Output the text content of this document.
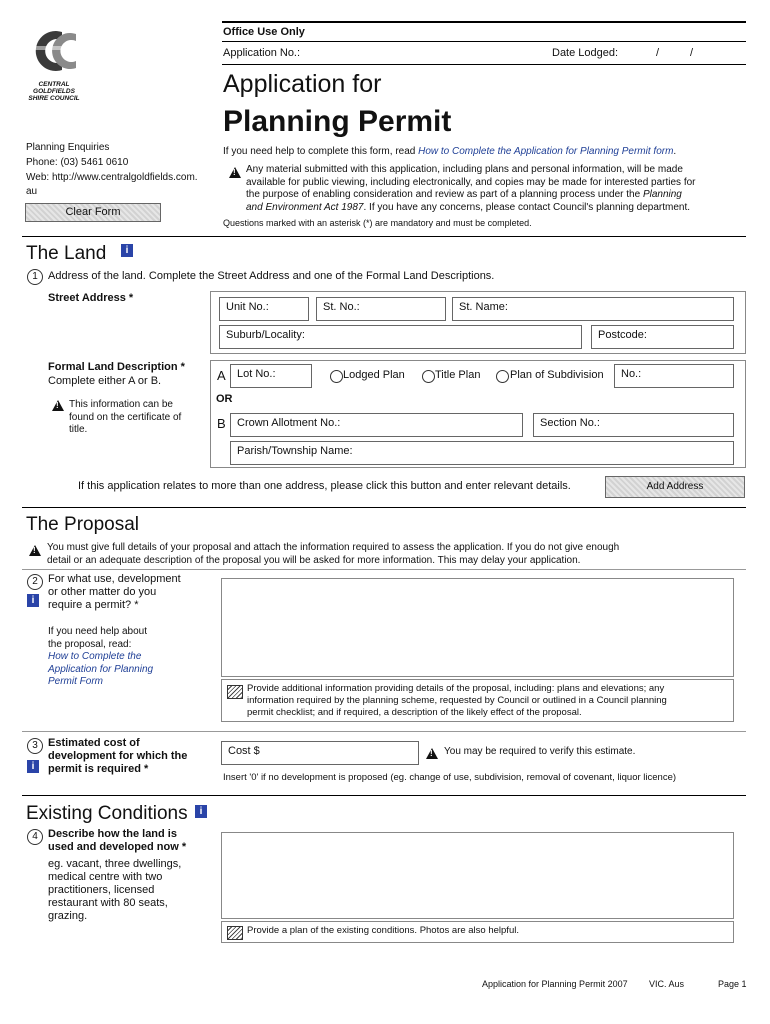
CENTRAL GOLDFIELDS SHIRE COUNCIL
Office Use Only
Application No.:	Date Lodged:	/	/
Application for
Planning Permit
Planning Enquiries
Phone: (03) 5461 0610
Web: http://www.centralgoldfields.com.
au
Clear Form
If you need help to complete this form, read How to Complete the Application for Planning Permit form.
!
Any material submitted with this application, including plans and personal information, will be made
available for public viewing, including electronically, and copies may be made for interested parties for
the purpose of enabling consideration and review as part of a planning process under the Planning
and Environment Act 1987. If you have any concerns, please contact Council's planning department.
Questions marked with an asterisk (*) are mandatory and must be completed.
The Land	i
1 Address of the land. Complete the Street Address and one of the Formal Land Descriptions.
Street Address *
Unit No.:	St. No.:	St. Name:
Suburb/Locality:	Postcode:
Formal Land Description *
Complete either A or B.
!
This information can be
found on the certificate of
title.
A	Lot No.:	Lodged Plan	Title Plan	Plan of Subdivision	No.:
OR
B	Crown Allotment No.:	Section No.:
Parish/Township Name:
If this application relates to more than one address, please click this button and enter relevant details.	Add Address
The Proposal
!
You must give full details of your proposal and attach the information required to assess the application. If you do not give enough
detail or an adequate description of the proposal you will be asked for more information. This may delay your application.
2 For what use, development
or other matter do you
require a permit? *
i
If you need help about
the proposal, read:
How to Complete the
Application for Planning
Permit Form
Provide additional information providing details of the proposal, including: plans and elevations; any
information required by the planning scheme, requested by Council or outlined in a Council planning
permit checklist; and if required, a description of the likely effect of the proposal.
3 Estimated cost of
development for which the
permit is required *
i
Cost $ !	You may be required to verify this estimate.
Insert '0' if no development is proposed (eg. change of use, subdivision, removal of covenant, liquor licence)
Existing Conditions	i
4 Describe how the land is
used and developed now *
eg. vacant, three dwellings,
medical centre with two
practitioners, licensed
restaurant with 80 seats,
grazing.
Provide a plan of the existing conditions. Photos are also helpful.
Application for Planning Permit 2007 VIC. Aus	Page 1
